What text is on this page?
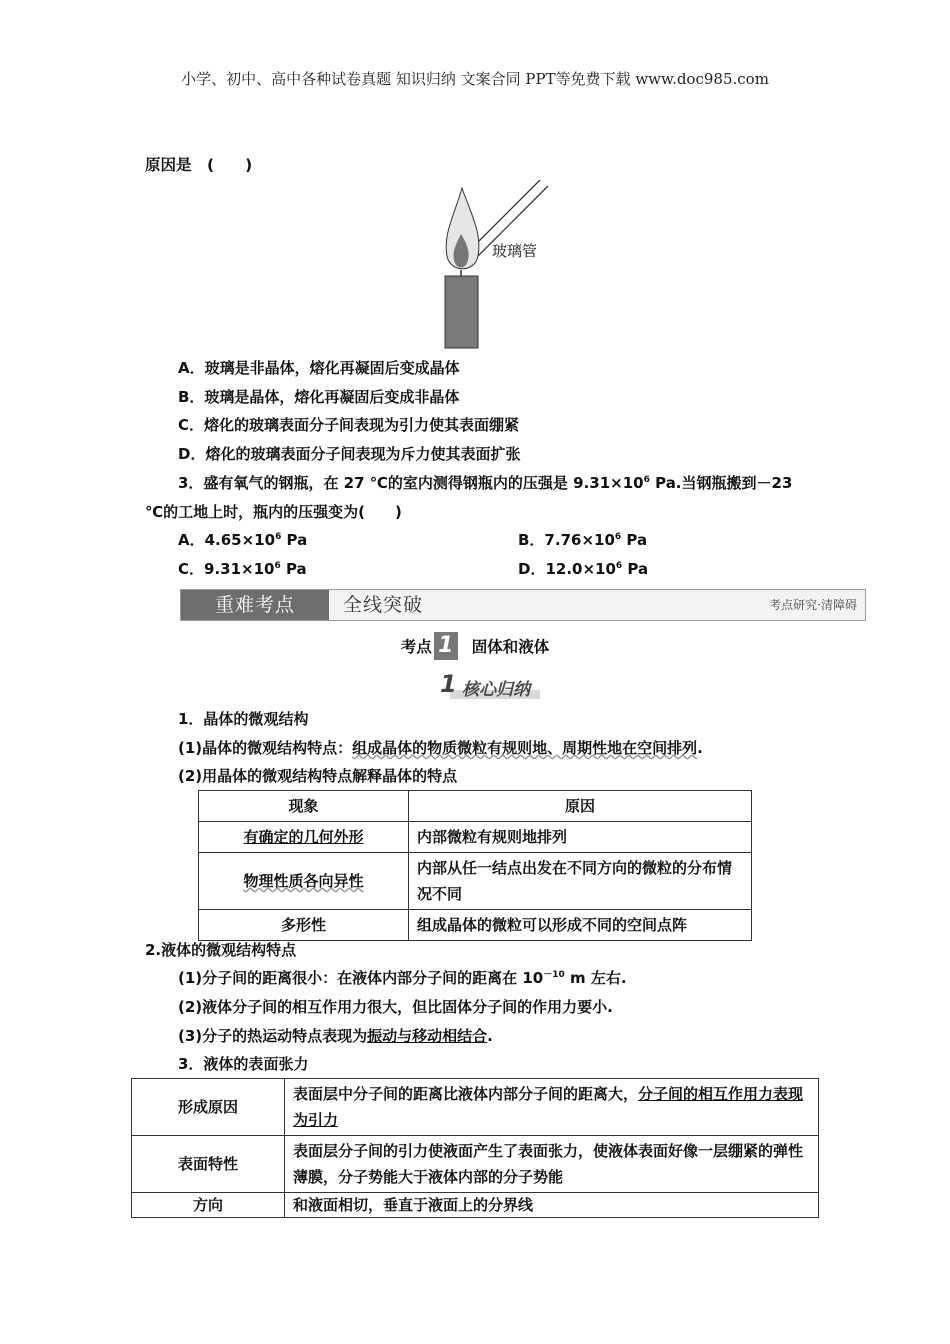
小学、初中、高中各种试卷真题 知识归纳 文案合同 PPT等免费下载 www.doc985.com
原因是　(　　)
玻璃管
A．玻璃是非晶体，熔化再凝固后变成晶体
B．玻璃是晶体，熔化再凝固后变成非晶体
C．熔化的玻璃表面分子间表现为引力使其表面绷紧
D．熔化的玻璃表面分子间表现为斥力使其表面扩张
3．盛有氧气的钢瓶，在 27 ℃的室内测得钢瓶内的压强是 $9.31\times 10^6$ Pa.当钢瓶搬到－23
℃的工地上时，瓶内的压强变为(　　)
A．$4.65\times 10^6$ Pa	B．$7.76\times 10^6$ Pa
C．$9.31\times 10^6$ Pa	D．$12.0\times 10^6$ Pa
重难考点	全线突破	考点研究·清障碍
考点 1 固体和液体
1 核心归纳
1．晶体的微观结构
(1)晶体的微观结构特点：组成晶体的物质微粒有规则地、周期性地在空间排列.
(2)用晶体的微观结构特点解释晶体的特点
现象	原因
有确定的几何外形	内部微粒有规则地排列
物理性质各向异性	内部从任一结点出发在不同方向的微粒的分布情况不同
多形性	组成晶体的微粒可以形成不同的空间点阵
2.液体的微观结构特点
(1)分子间的距离很小：在液体内部分子间的距离在 $10^{-10}$ m 左右.
(2)液体分子间的相互作用力很大，但比固体分子间的作用力要小.
(3)分子的热运动特点表现为振动与移动相结合.
3．液体的表面张力
形成原因	表面层中分子间的距离比液体内部分子间的距离大，分子间的相互作用力表现为引力
表面特性	表面层分子间的引力使液面产生了表面张力，使液体表面好像一层绷紧的弹性薄膜，分子势能大于液体内部的分子势能
方向	和液面相切，垂直于液面上的分界线
